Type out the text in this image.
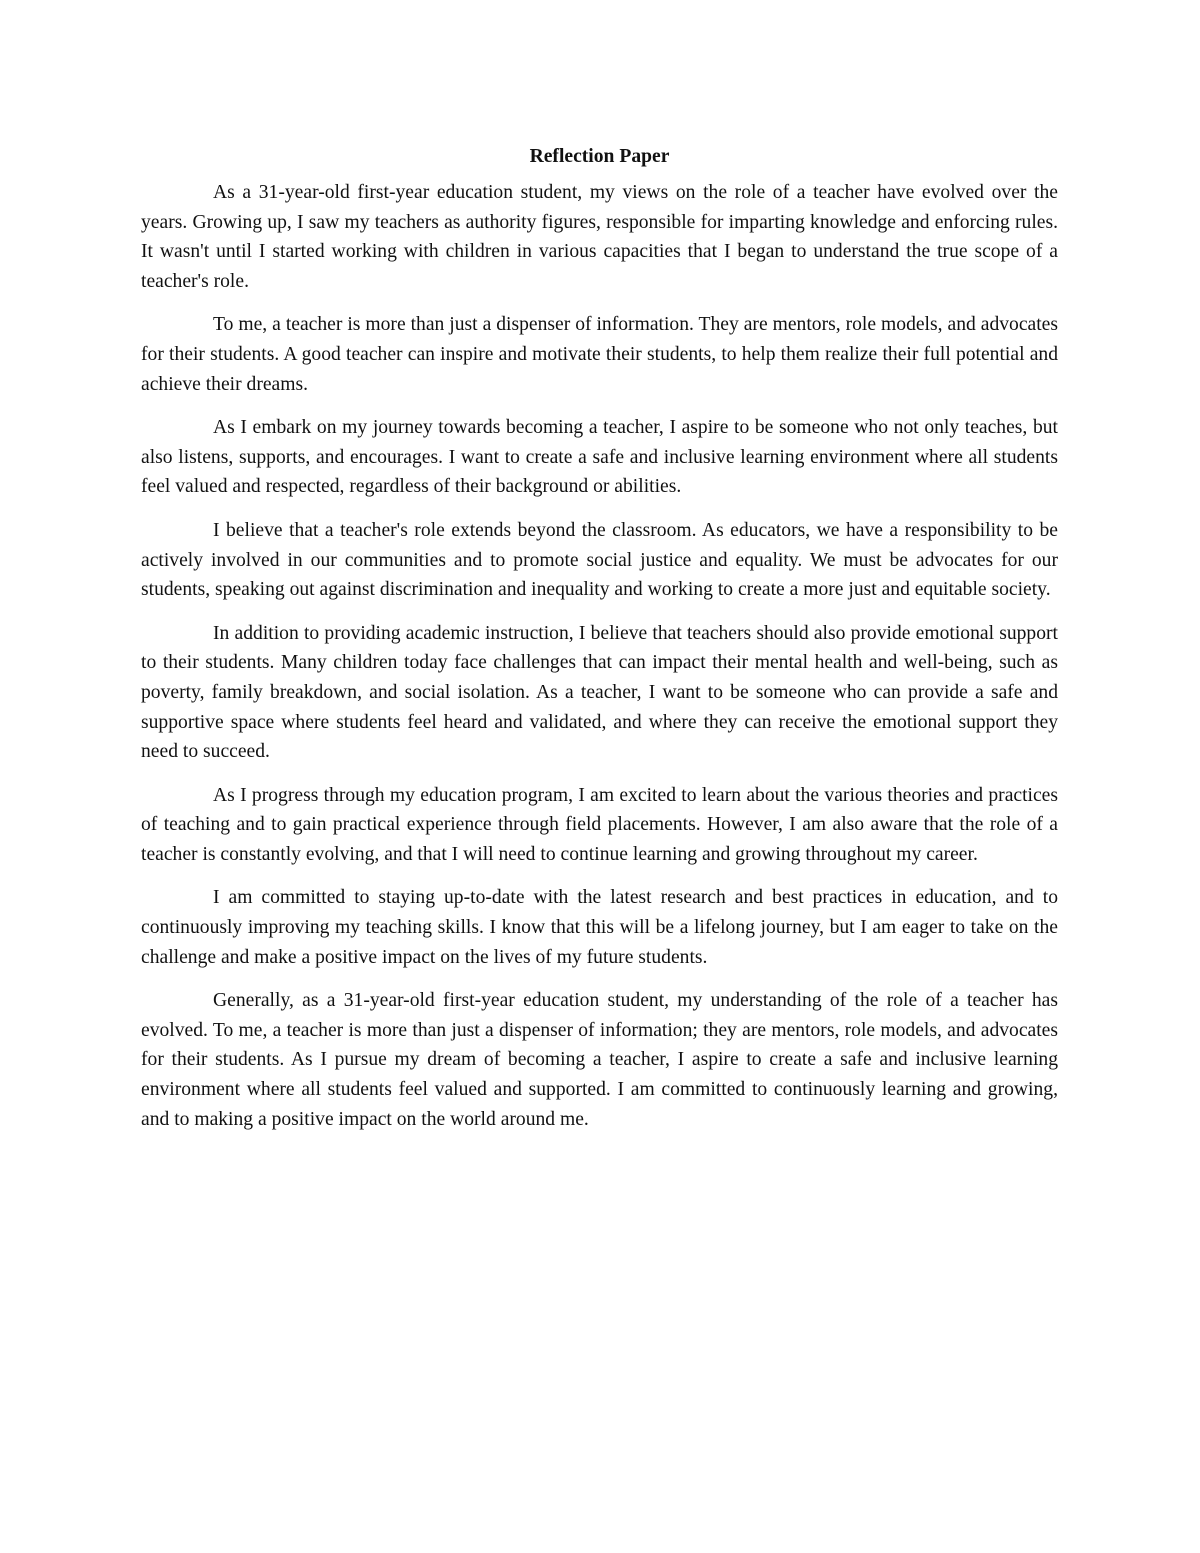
Reflection Paper

As a 31-year-old first-year education student, my views on the role of a teacher have evolved over the years. Growing up, I saw my teachers as authority figures, responsible for imparting knowledge and enforcing rules. It wasn't until I started working with children in various capacities that I began to understand the true scope of a teacher's role.

To me, a teacher is more than just a dispenser of information. They are mentors, role models, and advocates for their students. A good teacher can inspire and motivate their students, to help them realize their full potential and achieve their dreams.

As I embark on my journey towards becoming a teacher, I aspire to be someone who not only teaches, but also listens, supports, and encourages. I want to create a safe and inclusive learning environment where all students feel valued and respected, regardless of their background or abilities.

I believe that a teacher's role extends beyond the classroom. As educators, we have a responsibility to be actively involved in our communities and to promote social justice and equality. We must be advocates for our students, speaking out against discrimination and inequality and working to create a more just and equitable society.

In addition to providing academic instruction, I believe that teachers should also provide emotional support to their students. Many children today face challenges that can impact their mental health and well-being, such as poverty, family breakdown, and social isolation. As a teacher, I want to be someone who can provide a safe and supportive space where students feel heard and validated, and where they can receive the emotional support they need to succeed.

As I progress through my education program, I am excited to learn about the various theories and practices of teaching and to gain practical experience through field placements. However, I am also aware that the role of a teacher is constantly evolving, and that I will need to continue learning and growing throughout my career.

I am committed to staying up-to-date with the latest research and best practices in education, and to continuously improving my teaching skills. I know that this will be a lifelong journey, but I am eager to take on the challenge and make a positive impact on the lives of my future students.

Generally, as a 31-year-old first-year education student, my understanding of the role of a teacher has evolved. To me, a teacher is more than just a dispenser of information; they are mentors, role models, and advocates for their students. As I pursue my dream of becoming a teacher, I aspire to create a safe and inclusive learning environment where all students feel valued and supported. I am committed to continuously learning and growing, and to making a positive impact on the world around me.
